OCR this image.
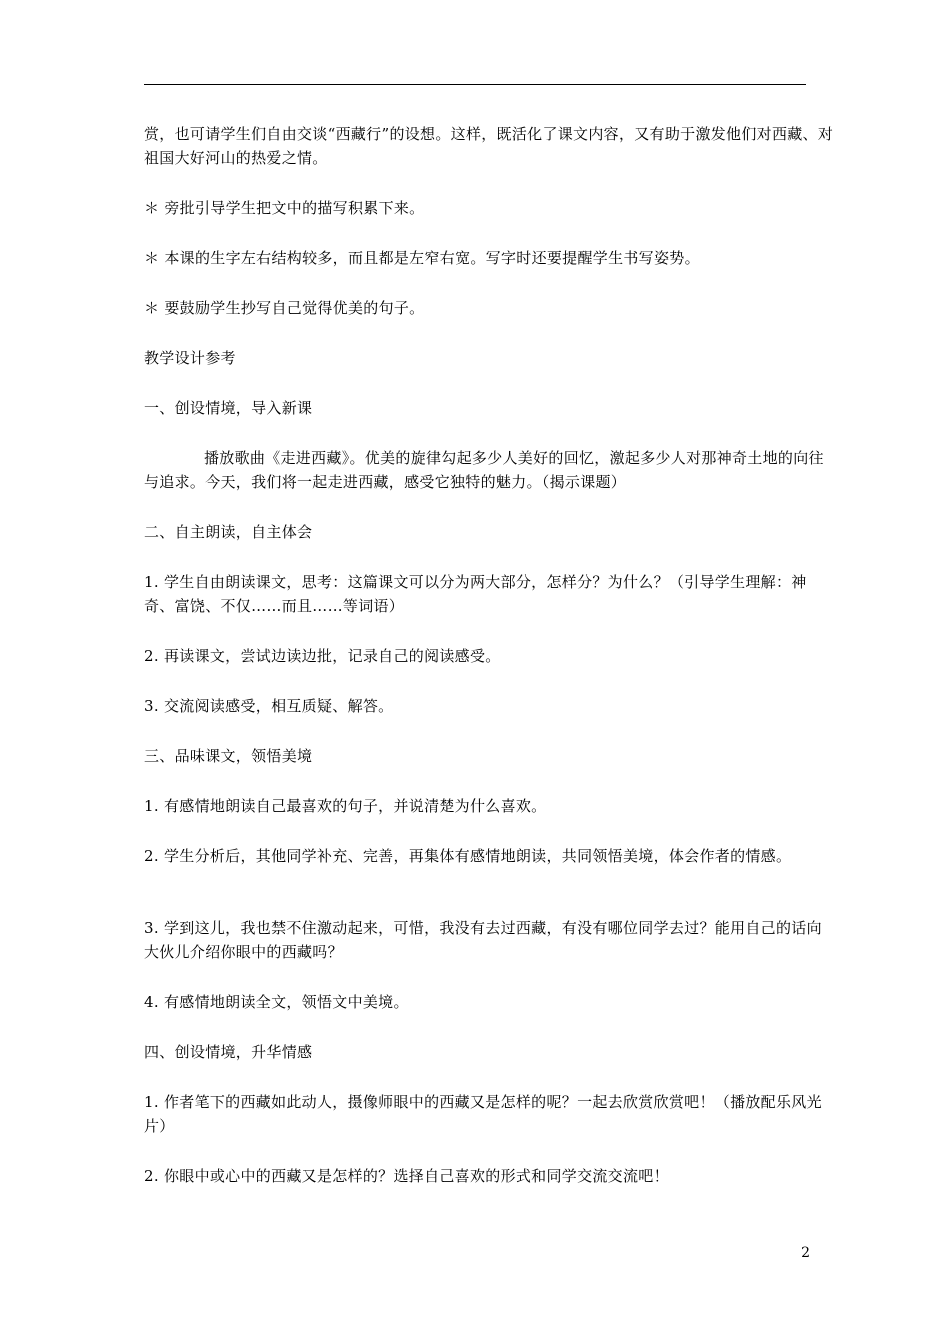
赏，也可请学生们自由交谈“西藏行”的设想。这样，既活化了课文内容，又有助于激发他们对西藏、对祖国大好河山的热爱之情。

＊ 旁批引导学生把文中的描写积累下来。

＊ 本课的生字左右结构较多，而且都是左窄右宽。写字时还要提醒学生书写姿势。

＊ 要鼓励学生抄写自己觉得优美的句子。

教学设计参考

一、创设情境，导入新课

播放歌曲《走进西藏》。优美的旋律勾起多少人美好的回忆，激起多少人对那神奇土地的向往与追求。今天，我们将一起走进西藏，感受它独特的魅力。（揭示课题）

二、自主朗读，自主体会

1. 学生自由朗读课文，思考：这篇课文可以分为两大部分，怎样分？为什么？（引导学生理解：神奇、富饶、不仅……而且……等词语）

2. 再读课文，尝试边读边批，记录自己的阅读感受。

3. 交流阅读感受，相互质疑、解答。

三、品味课文，领悟美境

1. 有感情地朗读自己最喜欢的句子，并说清楚为什么喜欢。

2. 学生分析后，其他同学补充、完善，再集体有感情地朗读，共同领悟美境，体会作者的情感。

3. 学到这儿，我也禁不住激动起来，可惜，我没有去过西藏，有没有哪位同学去过？能用自己的话向大伙儿介绍你眼中的西藏吗？

4. 有感情地朗读全文，领悟文中美境。

四、创设情境，升华情感

1. 作者笔下的西藏如此动人，摄像师眼中的西藏又是怎样的呢？一起去欣赏欣赏吧！（播放配乐风光片）

2. 你眼中或心中的西藏又是怎样的？选择自己喜欢的形式和同学交流交流吧！

2
